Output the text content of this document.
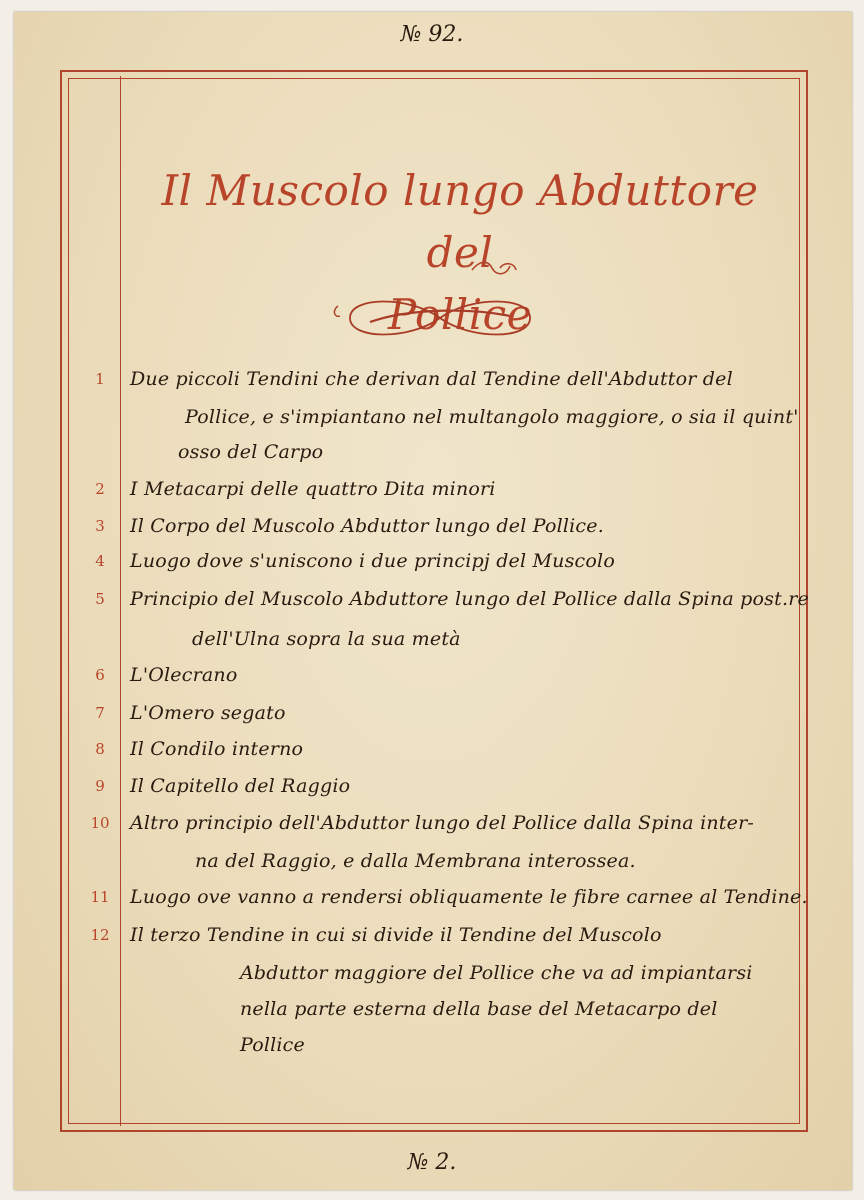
№ 92.
Il Muscolo lungo Abduttore del
Pollice
1	Due piccoli Tendini che derivan dal Tendine dell'Abduttor del
Pollice, e s'impiantano nel multangolo maggiore, o sia il quint'
osso del Carpo
2	I Metacarpi delle quattro Dita minori
3	Il Corpo del Muscolo Abduttor lungo del Pollice.
4	Luogo dove s'uniscono i due principj del Muscolo
5	Principio del Muscolo Abduttore lungo del Pollice dalla Spina post.re
dell'Ulna sopra la sua metà
6	L'Olecrano
7	L'Omero segato
8	Il Condilo interno
9	Il Capitello del Raggio
10	Altro principio dell'Abduttor lungo del Pollice dalla Spina inter-
na del Raggio, e dalla Membrana interossea.
11	Luogo ove vanno a rendersi obliquamente le fibre carnee al Tendine.
12	Il terzo Tendine in cui si divide il Tendine del Muscolo
Abduttor maggiore del Pollice che va ad impiantarsi
nella parte esterna della base del Metacarpo del
Pollice
№ 2.
